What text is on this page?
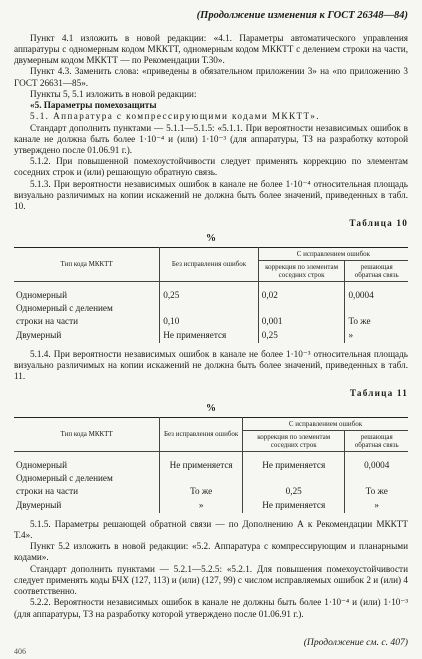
(Продолжение изменения к ГОСТ 26348—84)

Пункт 4.1 изложить в новой редакции: «4.1. Параметры автоматического управления аппаратуры с одномерным кодом МККТТ, одномерным кодом МККТТ с делением строки на части, двумерным кодом МККТТ — по Рекомендации Т.30».

Пункт 4.3. Заменить слова: «приведены в обязательном приложении 3» на «по приложению 3 ГОСТ 26631—85».

Пункты 5, 5.1 изложить в новой редакции:

«5. Параметры помехозащиты

5.1. Аппаратура с компрессирующими кодами МККТТ».

Стандарт дополнить пунктами — 5.1.1—5.1.5: «5.1.1. При вероятности независимых ошибок в канале не должна быть более 1·10⁻⁴ и (или) 1·10⁻³ (для аппаратуры, ТЗ на разработку которой утверждено после 01.06.91 г.).

5.1.2. При повышенной помехоустойчивости следует применять коррекцию по элементам соседних строк и (или) решающую обратную связь.

5.1.3. При вероятности независимых ошибок в канале не более 1·10⁻⁴ относительная площадь визуально различимых на копии искажений не должна быть более значений, приведенных в табл. 10.

Таблица 10
%
Тип кода МККТТ	Без исправления ошибок	С исправлением ошибок	
		коррекция по элементам соседних строк	решающая обратная связь
Одномерный	0,25	0,02	0,0004
Одномерный с делением			
строки на части	0,10	0,001	То же
Двумерный	Не применяется	0,25	»

5.1.4. При вероятности независимых ошибок в канале не более 1·10⁻³ относительная площадь визуально различимых на копии искажений не должна быть более значений, приведенных в табл. 11.

Таблица 11
%
Тип кода МККТТ	Без исправления ошибок	С исправлением ошибок	
		коррекция по элементам соседних строк	решающая обратная связь
Одномерный	Не применяется	Не применяется	0,0004
Одномерный с делением			
строки на части	То же	0,25	То же
Двумерный	»	Не применяется	»

5.1.5. Параметры решающей обратной связи — по Дополнению А к Рекомендации МККТТ Т.4».

Пункт 5.2 изложить в новой редакции: «5.2. Аппаратура с компрессирующим и планарными кодами».

Стандарт дополнить пунктами — 5.2.1—5.2.5: «5.2.1. Для повышения помехоустойчивости следует применять коды БЧХ (127, 113) и (или) (127, 99) с числом исправляемых ошибок 2 и (или) 4 соответственно.

5.2.2. Вероятности независимых ошибок в канале не должны быть более 1·10⁻⁴ и (или) 1·10⁻³ (для аппаратуры, ТЗ на разработку которой утверждено после 01.06.91 г.).

(Продолжение см. с. 407)
406
